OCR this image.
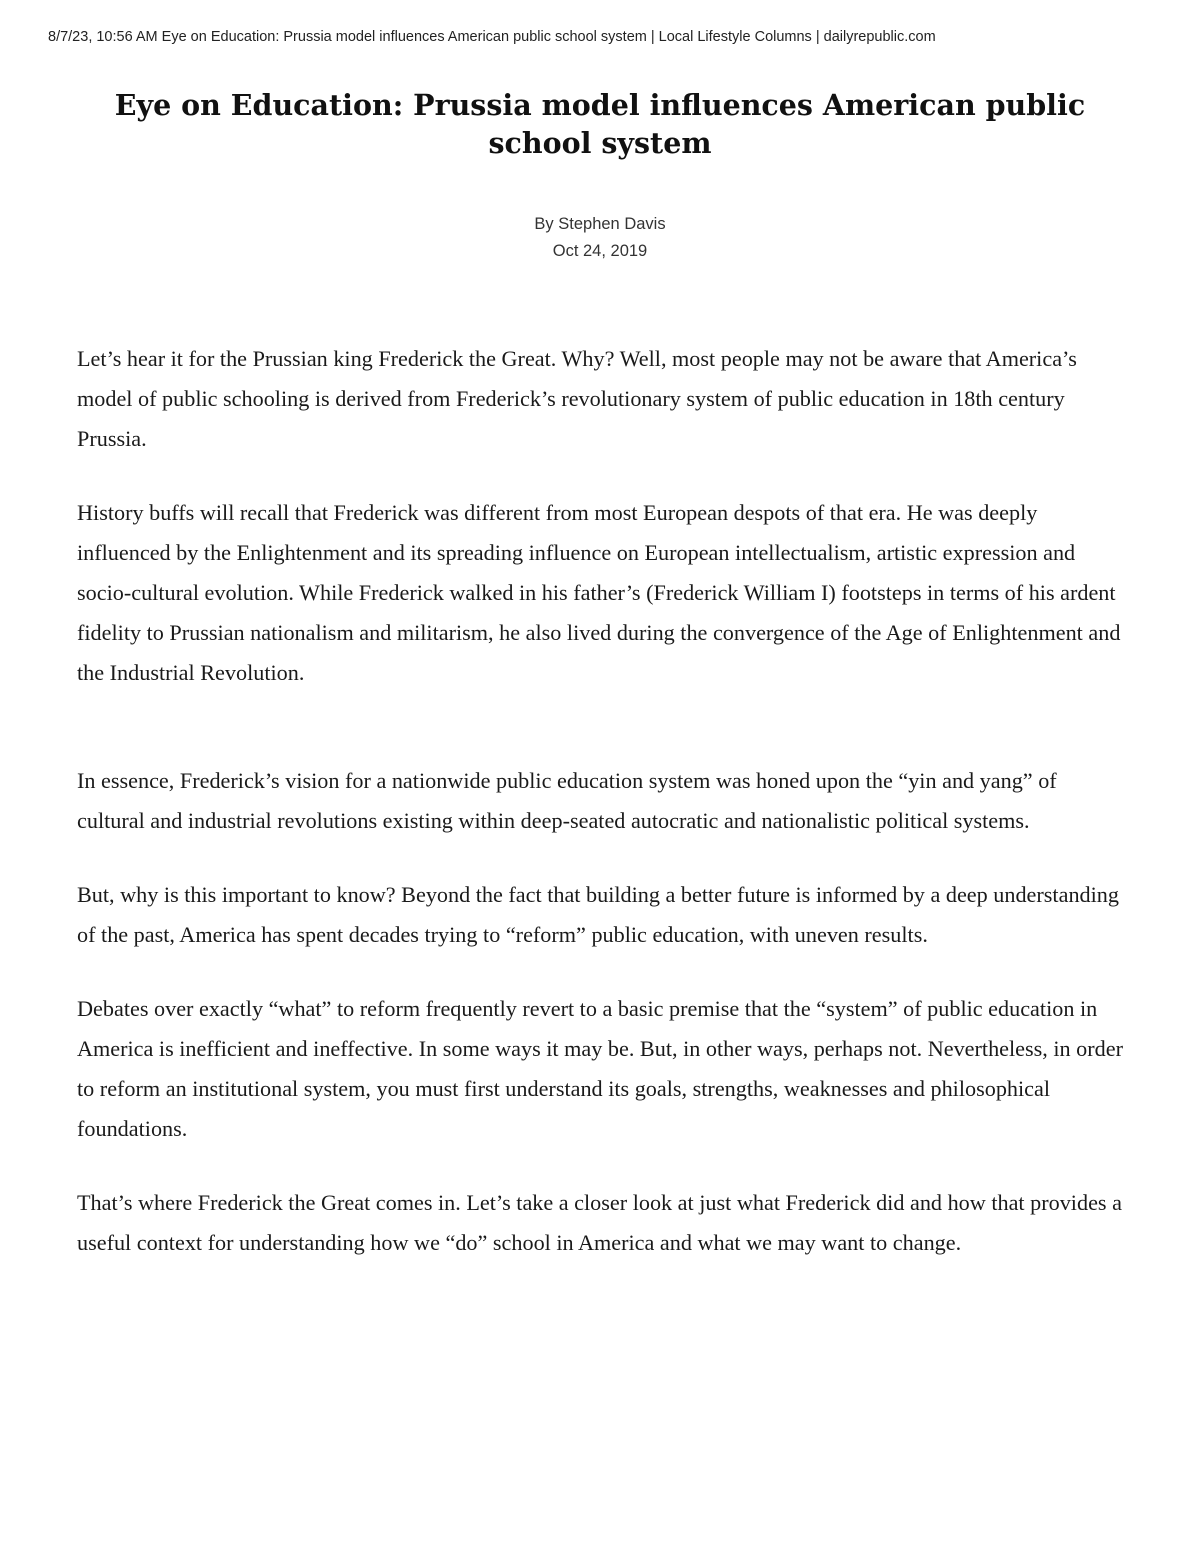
8/7/23, 10:56 AM Eye on Education: Prussia model influences American public school system | Local Lifestyle Columns | dailyrepublic.com
Eye on Education: Prussia model influences American public school system
By Stephen Davis
Oct 24, 2019

Let’s hear it for the Prussian king Frederick the Great. Why? Well, most people may not be aware that America’s model of public schooling is derived from Frederick’s revolutionary system of public education in 18th century Prussia.

History buffs will recall that Frederick was different from most European despots of that era. He was deeply influenced by the Enlightenment and its spreading influence on European intellectualism, artistic expression and socio-cultural evolution. While Frederick walked in his father’s (Frederick William I) footsteps in terms of his ardent fidelity to Prussian nationalism and militarism, he also lived during the convergence of the Age of Enlightenment and the Industrial Revolution.

In essence, Frederick’s vision for a nationwide public education system was honed upon the “yin and yang” of cultural and industrial revolutions existing within deep-seated autocratic and nationalistic political systems.

But, why is this important to know? Beyond the fact that building a better future is informed by a deep understanding of the past, America has spent decades trying to “reform” public education, with uneven results.

Debates over exactly “what” to reform frequently revert to a basic premise that the “system” of public education in America is inefficient and ineffective. In some ways it may be. But, in other ways, perhaps not. Nevertheless, in order to reform an institutional system, you must first understand its goals, strengths, weaknesses and philosophical foundations.

That’s where Frederick the Great comes in. Let’s take a closer look at just what Frederick did and how that provides a useful context for understanding how we “do” school in America and what we may want to change.
